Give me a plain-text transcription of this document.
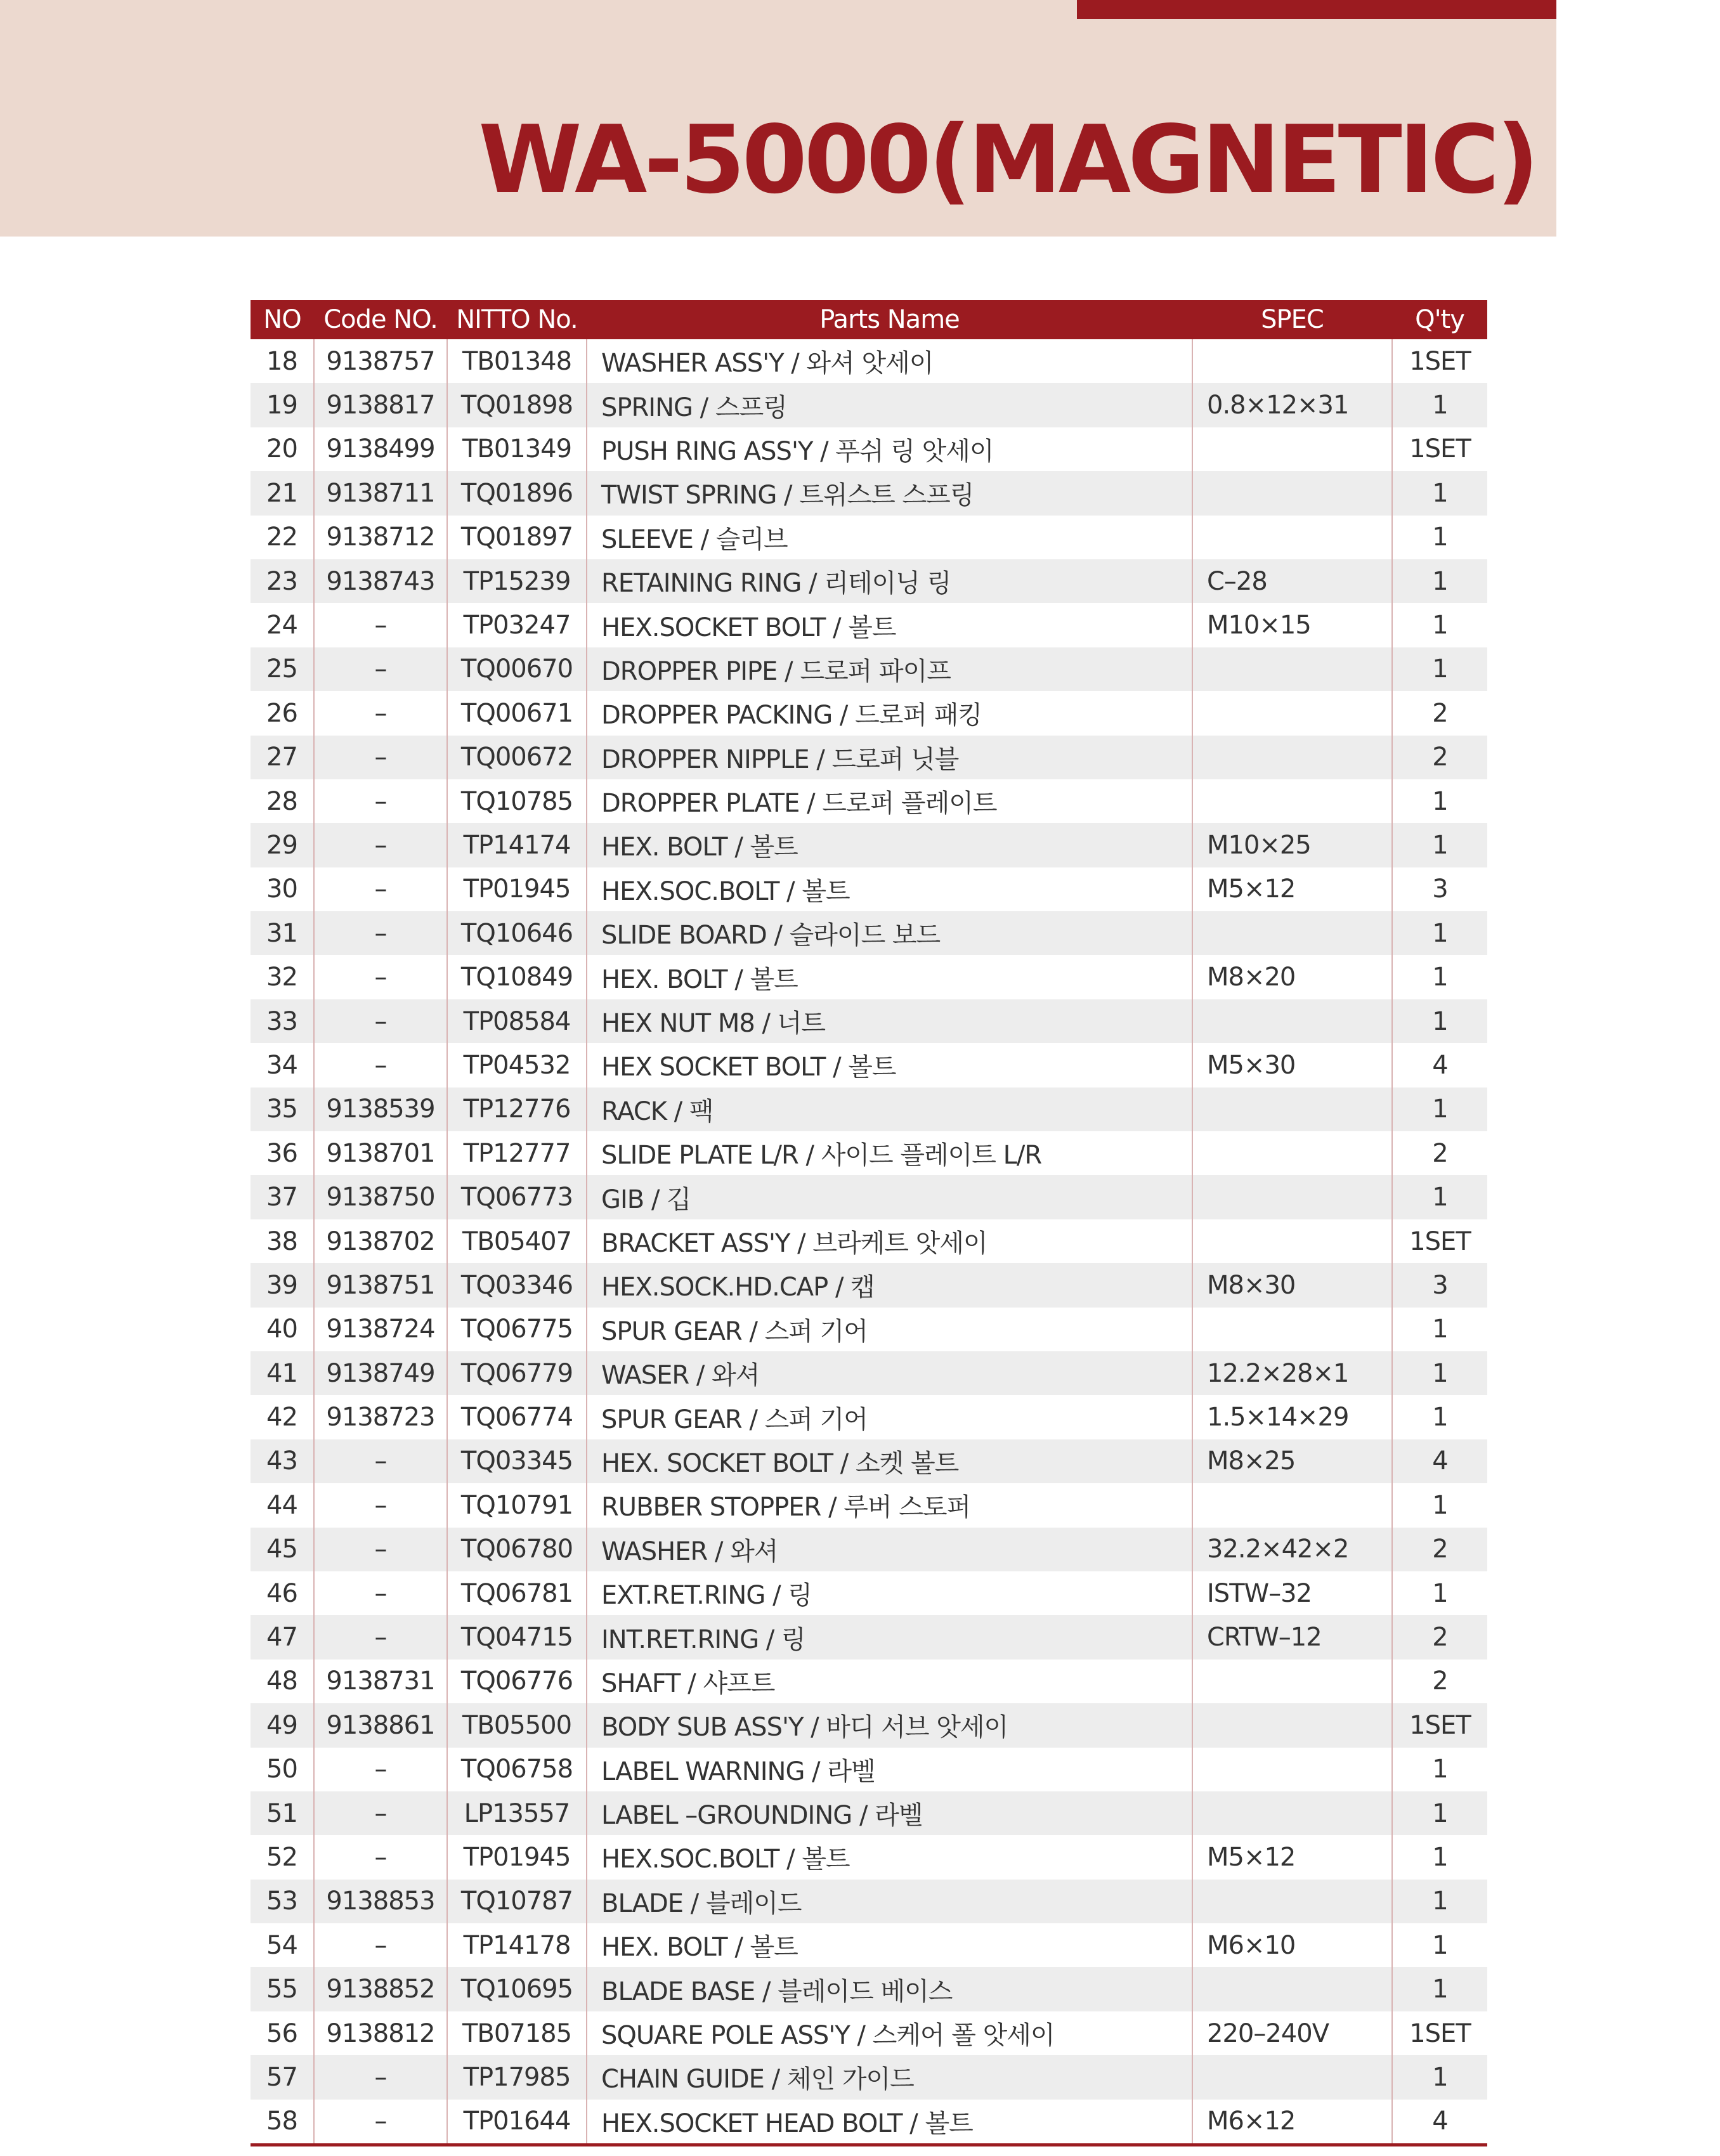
WA-5000(MAGNETIC)
NO	Code NO.	NITTO No.	Parts Name	SPEC	Q'ty
18	9138757	TB01348	WASHER ASS'Y / 와셔 앗세이		1SET
19	9138817	TQ01898	SPRING / 스프링	0.8×12×31	1
20	9138499	TB01349	PUSH RING ASS'Y / 푸쉬 링 앗세이		1SET
21	9138711	TQ01896	TWIST SPRING / 트위스트 스프링		1
22	9138712	TQ01897	SLEEVE / 슬리브		1
23	9138743	TP15239	RETAINING RING / 리테이닝 링	C–28	1
24	–	TP03247	HEX.SOCKET BOLT / 볼트	M10×15	1
25	–	TQ00670	DROPPER PIPE / 드로퍼 파이프		1
26	–	TQ00671	DROPPER PACKING / 드로퍼 패킹		2
27	–	TQ00672	DROPPER NIPPLE / 드로퍼 닛블		2
28	–	TQ10785	DROPPER PLATE / 드로퍼 플레이트		1
29	–	TP14174	HEX. BOLT / 볼트	M10×25	1
30	–	TP01945	HEX.SOC.BOLT / 볼트	M5×12	3
31	–	TQ10646	SLIDE BOARD / 슬라이드 보드		1
32	–	TQ10849	HEX. BOLT / 볼트	M8×20	1
33	–	TP08584	HEX NUT M8 / 너트		1
34	–	TP04532	HEX SOCKET BOLT / 볼트	M5×30	4
35	9138539	TP12776	RACK / 팩		1
36	9138701	TP12777	SLIDE PLATE L/R / 사이드 플레이트 L/R		2
37	9138750	TQ06773	GIB / 깁		1
38	9138702	TB05407	BRACKET ASS'Y / 브라케트 앗세이		1SET
39	9138751	TQ03346	HEX.SOCK.HD.CAP / 캡	M8×30	3
40	9138724	TQ06775	SPUR GEAR / 스퍼 기어		1
41	9138749	TQ06779	WASER / 와셔	12.2×28×1	1
42	9138723	TQ06774	SPUR GEAR / 스퍼 기어	1.5×14×29	1
43	–	TQ03345	HEX. SOCKET BOLT / 소켓 볼트	M8×25	4
44	–	TQ10791	RUBBER STOPPER / 루버 스토퍼		1
45	–	TQ06780	WASHER / 와셔	32.2×42×2	2
46	–	TQ06781	EXT.RET.RING / 링	ISTW–32	1
47	–	TQ04715	INT.RET.RING / 링	CRTW–12	2
48	9138731	TQ06776	SHAFT / 샤프트		2
49	9138861	TB05500	BODY SUB ASS'Y / 바디 서브 앗세이		1SET
50	–	TQ06758	LABEL WARNING / 라벨		1
51	–	LP13557	LABEL –GROUNDING / 라벨		1
52	–	TP01945	HEX.SOC.BOLT / 볼트	M5×12	1
53	9138853	TQ10787	BLADE / 블레이드		1
54	–	TP14178	HEX. BOLT / 볼트	M6×10	1
55	9138852	TQ10695	BLADE BASE / 블레이드 베이스		1
56	9138812	TB07185	SQUARE POLE ASS'Y / 스케어 폴 앗세이	220–240V	1SET
57	–	TP17985	CHAIN GUIDE / 체인 가이드		1
58	–	TP01644	HEX.SOCKET HEAD BOLT / 볼트	M6×12	4
